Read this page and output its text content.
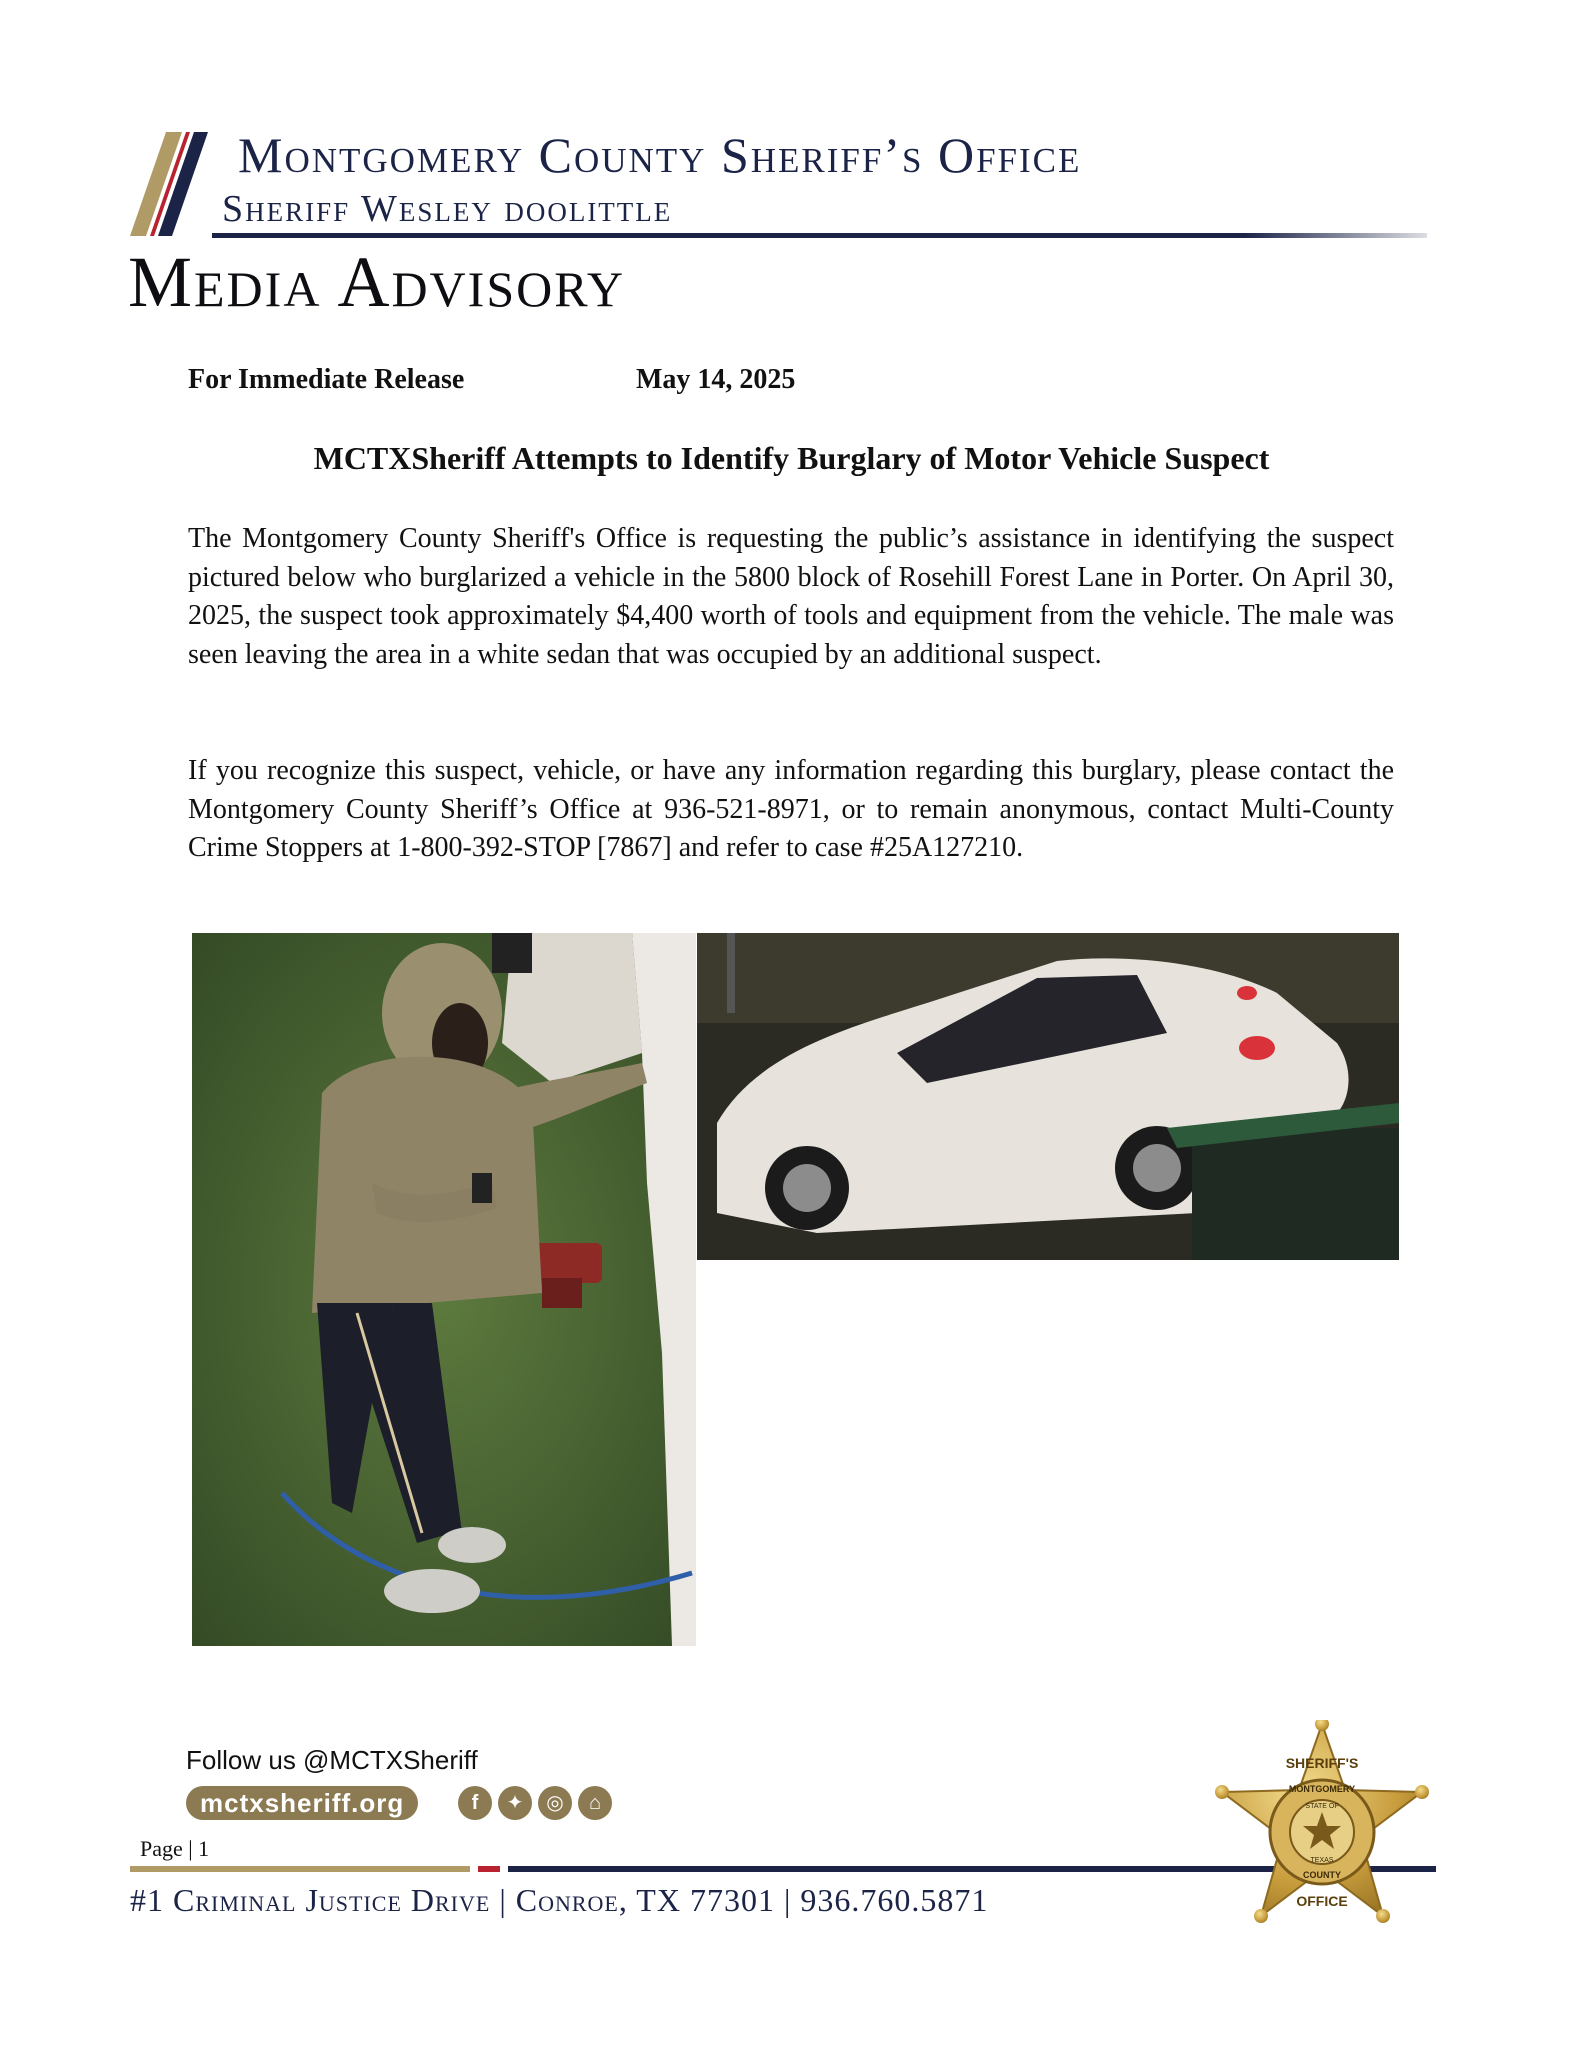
Montgomery County Sheriff’s Office
Sheriff Wesley doolittle
Media Advisory
For Immediate Release	May 14, 2025
MCTXSheriff Attempts to Identify Burglary of Motor Vehicle Suspect
The Montgomery County Sheriff's Office is requesting the public’s assistance in identifying the suspect pictured below who burglarized a vehicle in the 5800 block of Rosehill Forest Lane in Porter. On April 30, 2025, the suspect took approximately $4,400 worth of tools and equipment from the vehicle. The male was seen leaving the area in a white sedan that was occupied by an additional suspect.
If you recognize this suspect, vehicle, or have any information regarding this burglary, please contact the Montgomery County Sheriff’s Office at 936-521-8971, or to remain anonymous, contact Multi-County Crime Stoppers at 1-800-392-STOP [7867] and refer to case #25A127210.
Follow us @MCTXSheriff
mctxsheriff.org	f	✦	◎	⌂
Page | 1
#1 Criminal Justice Drive | Conroe, TX 77301 | 936.760.5871
SHERIFF'S
MONTGOMERY
STATE OF
TEXAS
COUNTY
OFFICE
